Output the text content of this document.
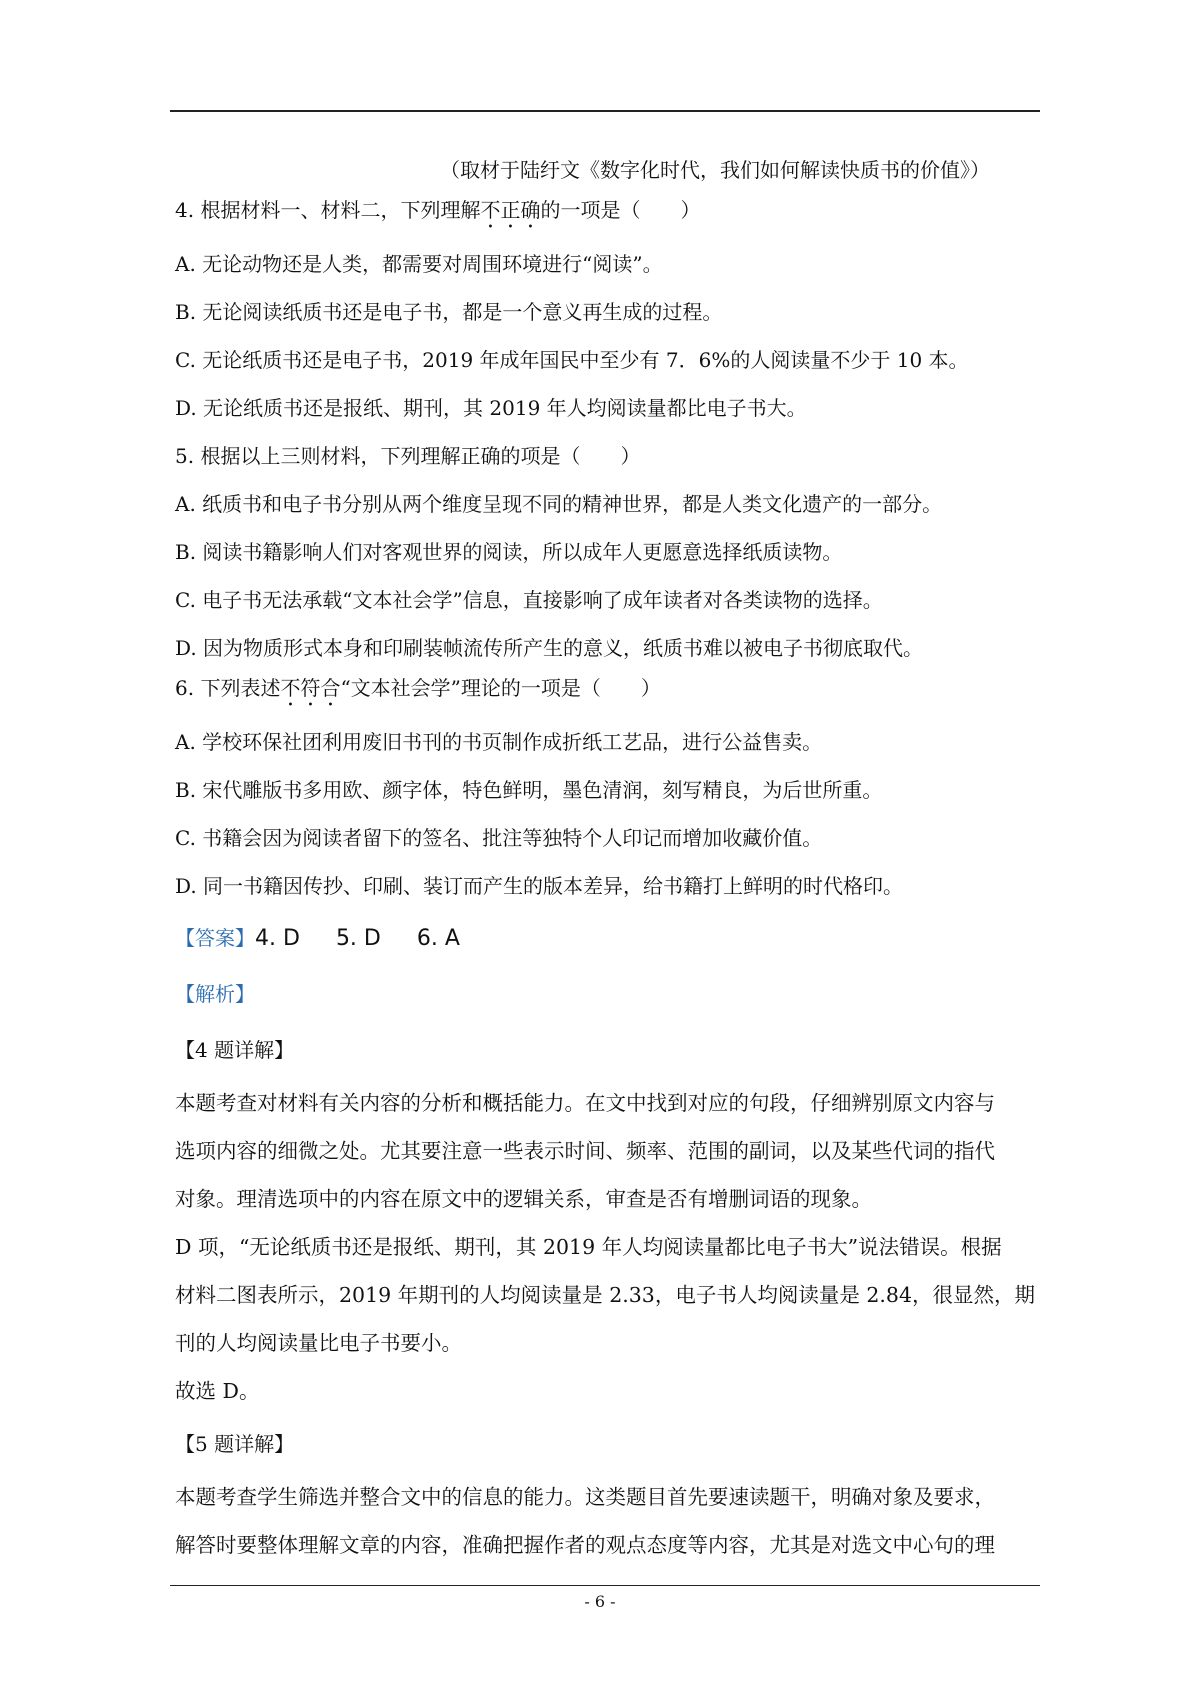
（取材于陆纡文《数字化时代，我们如何解读快质书的价值》）
4. 根据材料一、材料二，下列理解不正确的一项是（　　）
A. 无论动物还是人类，都需要对周围环境进行“阅读”。
B. 无论阅读纸质书还是电子书，都是一个意义再生成的过程。
C. 无论纸质书还是电子书，2019 年成年国民中至少有 7．6%的人阅读量不少于 10 本。
D. 无论纸质书还是报纸、期刊，其 2019 年人均阅读量都比电子书大。
5. 根据以上三则材料，下列理解正确的项是（　　）
A. 纸质书和电子书分别从两个维度呈现不同的精神世界，都是人类文化遗产的一部分。
B. 阅读书籍影响人们对客观世界的阅读，所以成年人更愿意选择纸质读物。
C. 电子书无法承载“文本社会学”信息，直接影响了成年读者对各类读物的选择。
D. 因为物质形式本身和印刷装帧流传所产生的意义，纸质书难以被电子书彻底取代。
6. 下列表述不符合“文本社会学”理论的一项是（　　）
A. 学校环保社团利用废旧书刊的书页制作成折纸工艺品，进行公益售卖。
B. 宋代雕版书多用欧、颜字体，特色鲜明，墨色清润，刻写精良，为后世所重。
C. 书籍会因为阅读者留下的签名、批注等独特个人印记而增加收藏价值。
D. 同一书籍因传抄、印刷、装订而产生的版本差异，给书籍打上鲜明的时代格印。
【答案】4. D 5. D 6. A
【解析】
【4 题详解】
本题考查对材料有关内容的分析和概括能力。在文中找到对应的句段，仔细辨别原文内容与
选项内容的细微之处。尤其要注意一些表示时间、频率、范围的副词，以及某些代词的指代
对象。理清选项中的内容在原文中的逻辑关系，审查是否有增删词语的现象。
D 项，“无论纸质书还是报纸、期刊，其 2019 年人均阅读量都比电子书大”说法错误。根据
材料二图表所示，2019 年期刊的人均阅读量是 2.33，电子书人均阅读量是 2.84，很显然，期
刊的人均阅读量比电子书要小。
故选 D。
【5 题详解】
本题考查学生筛选并整合文中的信息的能力。这类题目首先要速读题干，明确对象及要求，
解答时要整体理解文章的内容，准确把握作者的观点态度等内容，尤其是对选文中心句的理
- 6 -
